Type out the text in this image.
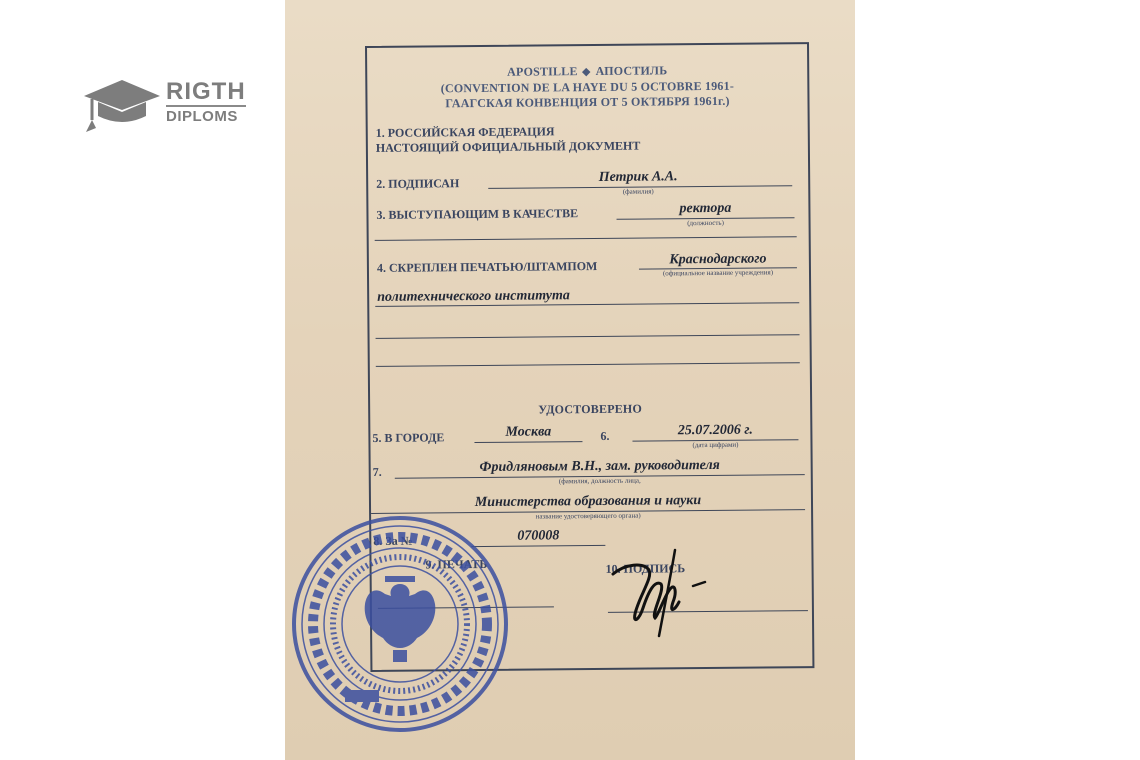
RIGTH
DIPLOMS
APOSTILLE АПОСТИЛЬ
(CONVENTION DE LA HAYE DU 5 OCTOBRE 1961-
ГААГСКАЯ КОНВЕНЦИЯ ОТ 5 ОКТЯБРЯ 1961г.)
1. РОССИЙСКАЯ ФЕДЕРАЦИЯ
НАСТОЯЩИЙ ОФИЦИАЛЬНЫЙ ДОКУМЕНТ
2. ПОДПИСАН	Петрик А.А.
(фамилия)
3. ВЫСТУПАЮЩИМ В КАЧЕСТВЕ	ректора
(должность)
4. СКРЕПЛЕН ПЕЧАТЬЮ/ШТАМПОМ	Краснодарского
(официальное название учреждения)
политехнического института
УДОСТОВЕРЕНО
5. В ГОРОДЕ	Москва	6.	25.07.2006 г.
(дата цифрами)
7.	Фридляновым В.Н., зам. руководителя
(фамилия, должность лица,
Министерства образования и науки
название удостоверяющего органа)
8. За №	070008
9. ПЕЧАТЬ	10. ПОДПИСЬ
